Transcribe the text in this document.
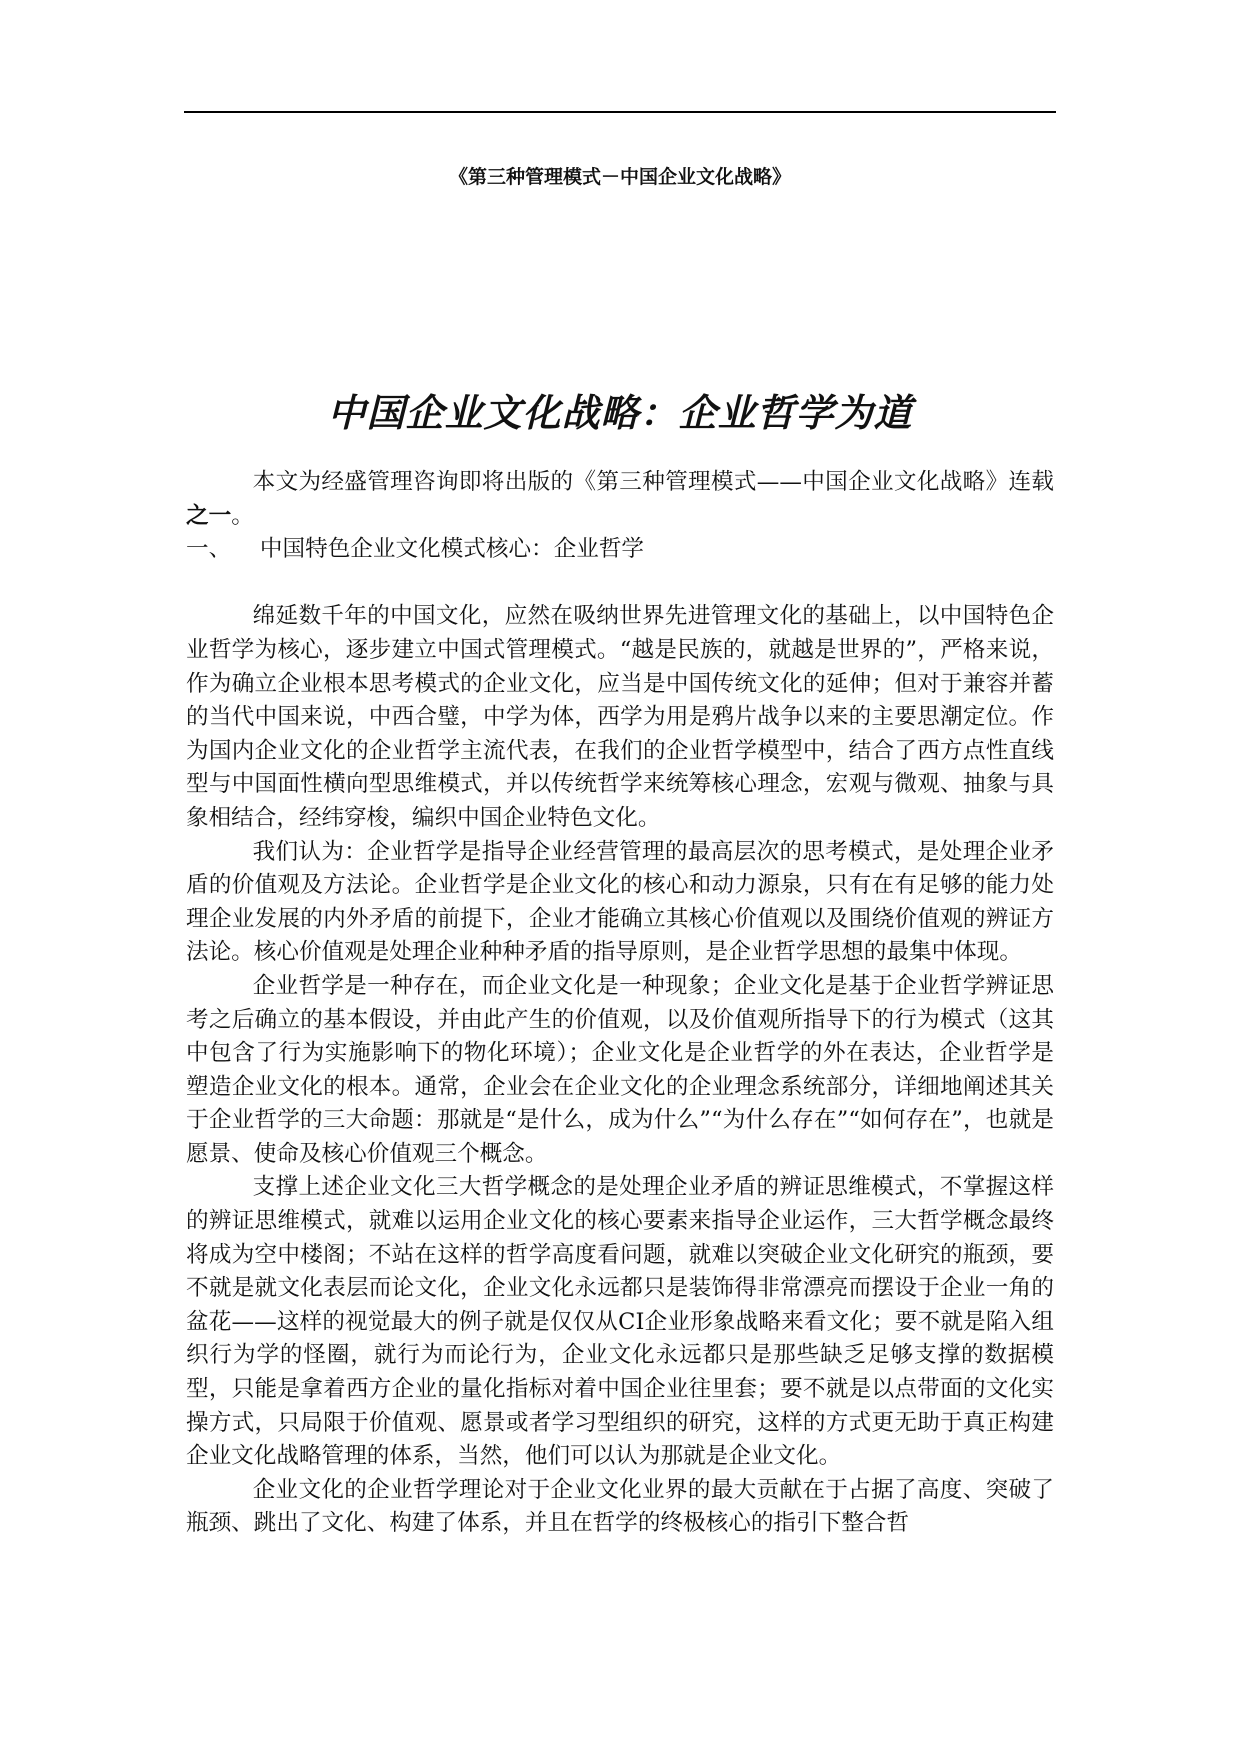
《第三种管理模式－中国企业文化战略》
中国企业文化战略：企业哲学为道

本文为经盛管理咨询即将出版的《第三种管理模式——中国企业文化战略》连载之一。

一、    中国特色企业文化模式核心：企业哲学

绵延数千年的中国文化，应然在吸纳世界先进管理文化的基础上，以中国特色企业哲学为核心，逐步建立中国式管理模式。“越是民族的，就越是世界的”，严格来说，作为确立企业根本思考模式的企业文化，应当是中国传统文化的延伸；但对于兼容并蓄的当代中国来说，中西合璧，中学为体，西学为用是鸦片战争以来的主要思潮定位。作为国内企业文化的企业哲学主流代表，在我们的企业哲学模型中，结合了西方点性直线型与中国面性横向型思维模式，并以传统哲学来统筹核心理念，宏观与微观、抽象与具象相结合，经纬穿梭，编织中国企业特色文化。

我们认为：企业哲学是指导企业经营管理的最高层次的思考模式，是处理企业矛盾的价值观及方法论。企业哲学是企业文化的核心和动力源泉，只有在有足够的能力处理企业发展的内外矛盾的前提下，企业才能确立其核心价值观以及围绕价值观的辨证方法论。核心价值观是处理企业种种矛盾的指导原则，是企业哲学思想的最集中体现。

企业哲学是一种存在，而企业文化是一种现象；企业文化是基于企业哲学辨证思考之后确立的基本假设，并由此产生的价值观，以及价值观所指导下的行为模式（这其中包含了行为实施影响下的物化环境）；企业文化是企业哲学的外在表达，企业哲学是塑造企业文化的根本。通常，企业会在企业文化的企业理念系统部分，详细地阐述其关于企业哲学的三大命题：那就是“是什么，成为什么”“为什么存在”“如何存在”，也就是愿景、使命及核心价值观三个概念。

支撑上述企业文化三大哲学概念的是处理企业矛盾的辨证思维模式，不掌握这样的辨证思维模式，就难以运用企业文化的核心要素来指导企业运作，三大哲学概念最终将成为空中楼阁；不站在这样的哲学高度看问题，就难以突破企业文化研究的瓶颈，要不就是就文化表层而论文化，企业文化永远都只是装饰得非常漂亮而摆设于企业一角的盆花——这样的视觉最大的例子就是仅仅从CI企业形象战略来看文化；要不就是陷入组织行为学的怪圈，就行为而论行为，企业文化永远都只是那些缺乏足够支撑的数据模型，只能是拿着西方企业的量化指标对着中国企业往里套；要不就是以点带面的文化实操方式，只局限于价值观、愿景或者学习型组织的研究，这样的方式更无助于真正构建企业文化战略管理的体系，当然，他们可以认为那就是企业文化。

企业文化的企业哲学理论对于企业文化业界的最大贡献在于占据了高度、突破了瓶颈、跳出了文化、构建了体系，并且在哲学的终极核心的指引下整合哲
